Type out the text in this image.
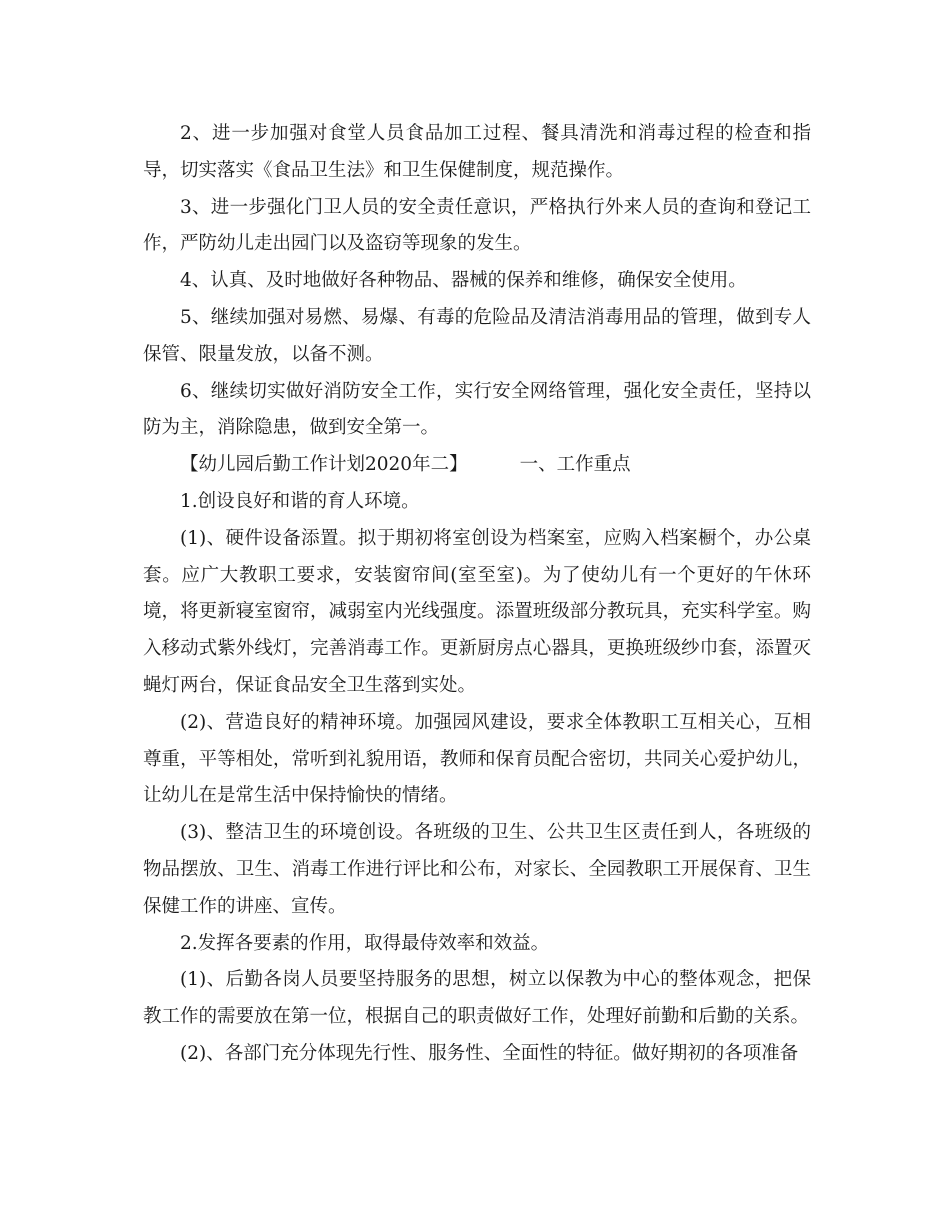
2、进一步加强对食堂人员食品加工过程、餐具清洗和消毒过程的检查和指导，切实落实《食品卫生法》和卫生保健制度，规范操作。

3、进一步强化门卫人员的安全责任意识，严格执行外来人员的查询和登记工作，严防幼儿走出园门以及盗窃等现象的发生。

4、认真、及时地做好各种物品、器械的保养和维修，确保安全使用。

5、继续加强对易燃、易爆、有毒的危险品及清洁消毒用品的管理，做到专人保管、限量发放，以备不测。

6、继续切实做好消防安全工作，实行安全网络管理，强化安全责任，坚持以防为主，消除隐患，做到安全第一。

【幼儿园后勤工作计划2020年二】	一、工作重点

1.创设良好和谐的育人环境。

(1)、硬件设备添置。拟于期初将室创设为档案室，应购入档案橱个，办公桌套。应广大教职工要求，安装窗帘间(室至室)。为了使幼儿有一个更好的午休环境，将更新寝室窗帘，减弱室内光线强度。添置班级部分教玩具，充实科学室。购入移动式紫外线灯，完善消毒工作。更新厨房点心器具，更换班级纱巾套，添置灭蝇灯两台，保证食品安全卫生落到实处。

(2)、营造良好的精神环境。加强园风建设，要求全体教职工互相关心，互相尊重，平等相处，常听到礼貌用语，教师和保育员配合密切，共同关心爱护幼儿，让幼儿在是常生活中保持愉快的情绪。

(3)、整洁卫生的环境创设。各班级的卫生、公共卫生区责任到人，各班级的物品摆放、卫生、消毒工作进行评比和公布，对家长、全园教职工开展保育、卫生保健工作的讲座、宣传。

2.发挥各要素的作用，取得最侍效率和效益。

(1)、后勤各岗人员要坚持服务的思想，树立以保教为中心的整体观念，把保教工作的需要放在第一位，根据自己的职责做好工作，处理好前勤和后勤的关系。

(2)、各部门充分体现先行性、服务性、全面性的特征。做好期初的各项准备
